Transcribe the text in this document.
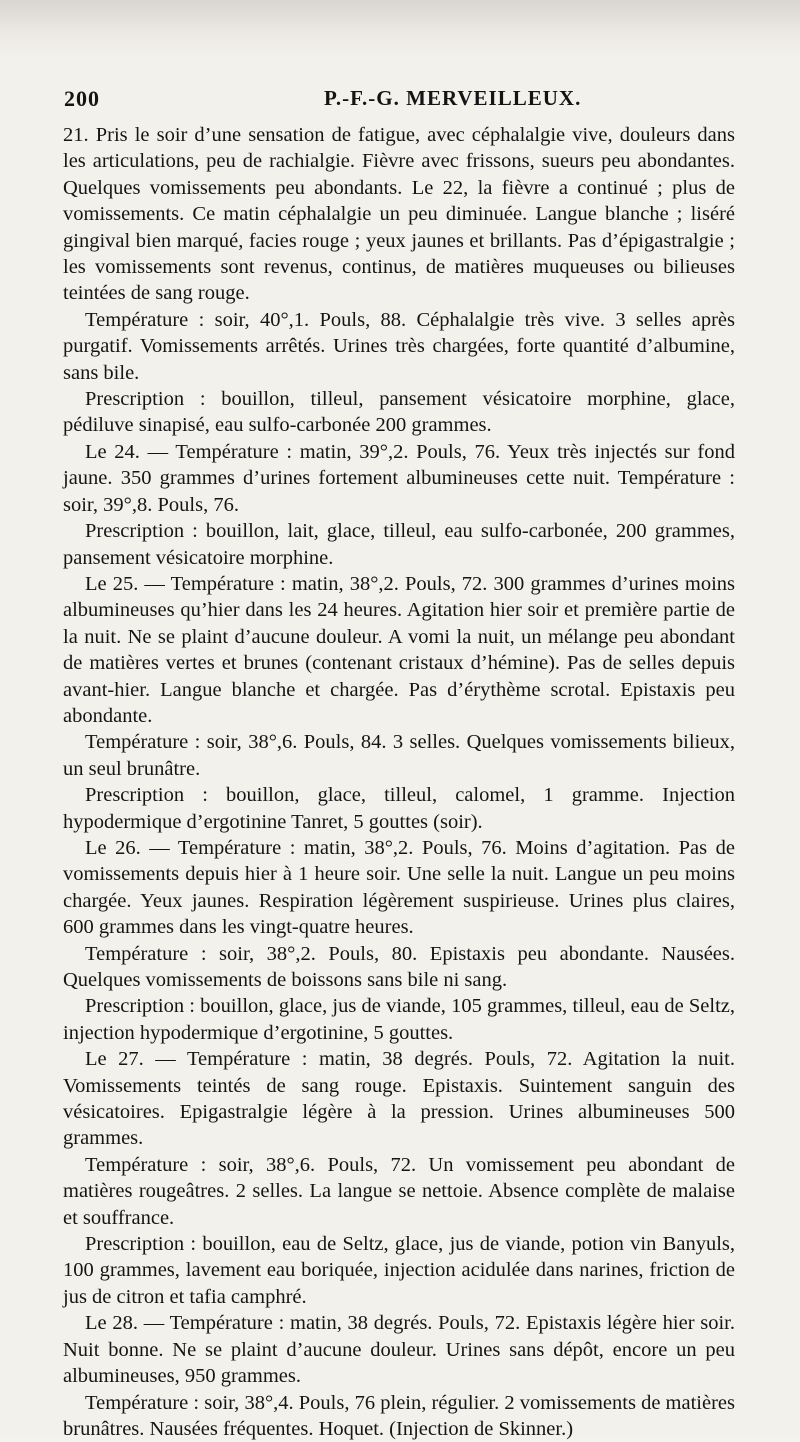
200	P.-F.-G. MERVEILLEUX.

21. Pris le soir d’une sensation de fatigue, avec céphalalgie vive, douleurs dans les articulations, peu de rachialgie. Fièvre avec frissons, sueurs peu abondantes. Quelques vomissements peu abondants. Le 22, la fièvre a continué ; plus de vomissements. Ce matin céphalalgie un peu diminuée. Langue blanche ; liséré gingival bien marqué, facies rouge ; yeux jaunes et brillants. Pas d’épigastralgie ; les vomissements sont revenus, continus, de matières muqueuses ou bilieuses teintées de sang rouge.

Température : soir, 40°,1. Pouls, 88. Céphalalgie très vive. 3 selles après purgatif. Vomissements arrêtés. Urines très chargées, forte quantité d’albumine, sans bile.

Prescription : bouillon, tilleul, pansement vésicatoire morphine, glace, pédiluve sinapisé, eau sulfo-carbonée 200 grammes.

Le 24. — Température : matin, 39°,2. Pouls, 76. Yeux très injectés sur fond jaune. 350 grammes d’urines fortement albumineuses cette nuit. Température : soir, 39°,8. Pouls, 76.

Prescription : bouillon, lait, glace, tilleul, eau sulfo-carbonée, 200 grammes, pansement vésicatoire morphine.

Le 25. — Température : matin, 38°,2. Pouls, 72. 300 grammes d’urines moins albumineuses qu’hier dans les 24 heures. Agitation hier soir et première partie de la nuit. Ne se plaint d’aucune douleur. A vomi la nuit, un mélange peu abondant de matières vertes et brunes (contenant cristaux d’hémine). Pas de selles depuis avant-hier. Langue blanche et chargée. Pas d’érythème scrotal. Epistaxis peu abondante.

Température : soir, 38°,6. Pouls, 84. 3 selles. Quelques vomissements bilieux, un seul brunâtre.

Prescription : bouillon, glace, tilleul, calomel, 1 gramme. Injection hypodermique d’ergotinine Tanret, 5 gouttes (soir).

Le 26. — Température : matin, 38°,2. Pouls, 76. Moins d’agitation. Pas de vomissements depuis hier à 1 heure soir. Une selle la nuit. Langue un peu moins chargée. Yeux jaunes. Respiration légèrement suspirieuse. Urines plus claires, 600 grammes dans les vingt-quatre heures.

Température : soir, 38°,2. Pouls, 80. Epistaxis peu abondante. Nausées. Quelques vomissements de boissons sans bile ni sang.

Prescription : bouillon, glace, jus de viande, 105 grammes, tilleul, eau de Seltz, injection hypodermique d’ergotinine, 5 gouttes.

Le 27. — Température : matin, 38 degrés. Pouls, 72. Agitation la nuit. Vomissements teintés de sang rouge. Epistaxis. Suintement sanguin des vésicatoires. Epigastralgie légère à la pression. Urines albumineuses 500 grammes.

Température : soir, 38°,6. Pouls, 72. Un vomissement peu abondant de matières rougeâtres. 2 selles. La langue se nettoie. Absence complète de malaise et souffrance.

Prescription : bouillon, eau de Seltz, glace, jus de viande, potion vin Banyuls, 100 grammes, lavement eau boriquée, injection acidulée dans narines, friction de jus de citron et tafia camphré.

Le 28. — Température : matin, 38 degrés. Pouls, 72. Epistaxis légère hier soir. Nuit bonne. Ne se plaint d’aucune douleur. Urines sans dépôt, encore un peu albumineuses, 950 grammes.

Température : soir, 38°,4. Pouls, 76 plein, régulier. 2 vomissements de matières brunâtres. Nausées fréquentes. Hoquet. (Injection de Skinner.)
